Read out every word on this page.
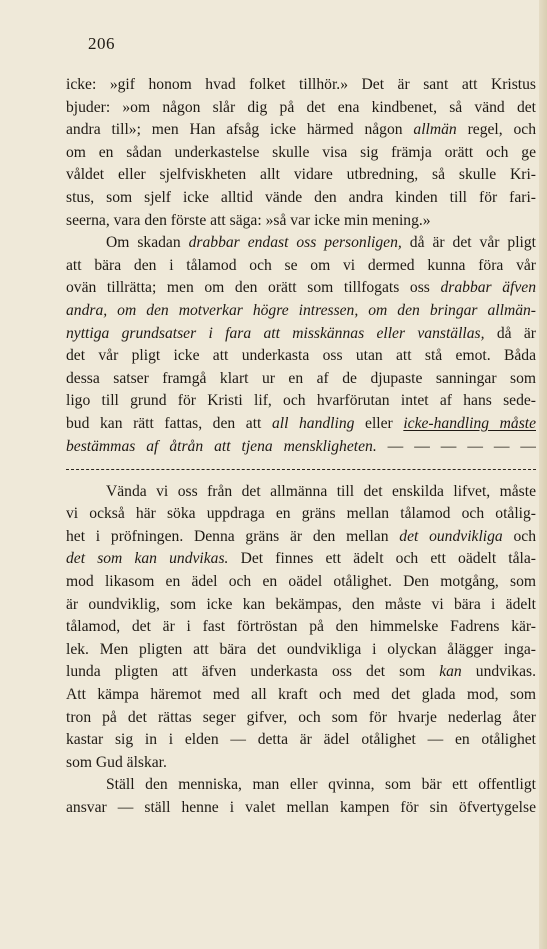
206
icke: »gif honom hvad folket tillhör.» Det är sant att Kristus
bjuder: »om någon slår dig på det ena kindbenet, så vänd det
andra till»; men Han afsåg icke härmed någon allmän regel, och
om en sådan underkastelse skulle visa sig främja orätt och ge
våldet eller sjelfviskheten allt vidare utbredning, så skulle Kri-
stus, som sjelf icke alltid vände den andra kinden till för fari-
seerna, vara den förste att säga: »så var icke min mening.»
Om skadan drabbar endast oss personligen, då är det vår pligt
att bära den i tålamod och se om vi dermed kunna föra vår
ovän tillrätta; men om den orätt som tillfogats oss drabbar äfven
andra, om den motverkar högre intressen, om den bringar allmän-
nyttiga grundsatser i fara att misskännas eller vanställas, då är
det vår pligt icke att underkasta oss utan att stå emot. Båda
dessa satser framgå klart ur en af de djupaste sanningar som
ligo till grund för Kristi lif, och hvarförutan intet af hans sede-
bud kan rätt fattas, den att all handling eller icke-handling måste
bestämmas af åtrån att tjena menskligheten. — — — — — —
Vända vi oss från det allmänna till det enskilda lifvet, måste
vi också här söka uppdraga en gräns mellan tålamod och otålig-
het i pröfningen. Denna gräns är den mellan det oundvikliga och
det som kan undvikas. Det finnes ett ädelt och ett oädelt tåla-
mod likasom en ädel och en oädel otålighet. Den motgång, som
är oundviklig, som icke kan bekämpas, den måste vi bära i ädelt
tålamod, det är i fast förtröstan på den himmelske Fadrens kär-
lek. Men pligten att bära det oundvikliga i olyckan ålägger inga-
lunda pligten att äfven underkasta oss det som kan undvikas.
Att kämpa häremot med all kraft och med det glada mod, som
tron på det rättas seger gifver, och som för hvarje nederlag åter
kastar sig in i elden — detta är ädel otålighet — en otålighet
som Gud älskar.
Ställ den menniska, man eller qvinna, som bär ett offentligt
ansvar — ställ henne i valet mellan kampen för sin öfvertygelse
